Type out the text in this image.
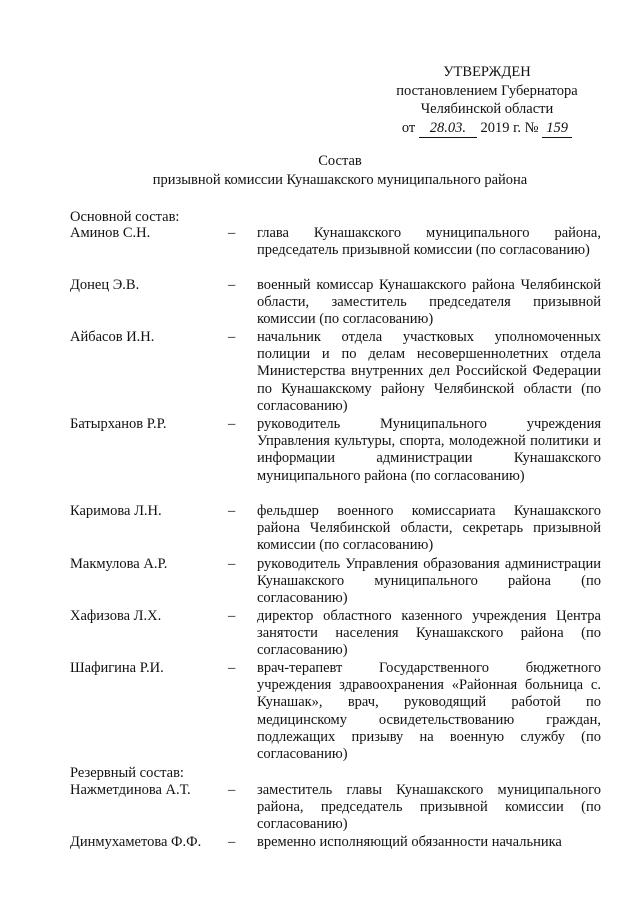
УТВЕРЖДЕН
постановлением Губернатора
Челябинской области
от 28.03. 2019 г. № 159
Состав
призывной комиссии Кунашакского муниципального района
Основной состав:
Аминов С.Н.	– глава Кунашакского муниципального района, председатель призывной комиссии (по согласованию)
Донец Э.В.	– военный комиссар Кунашакского района Челябинской области, заместитель председателя призывной комиссии (по согласованию)
Айбасов И.Н.	– начальник отдела участковых уполномоченных полиции и по делам несовершеннолетних отдела Министерства внутренних дел Российской Федерации по Кунашакскому району Челябинской области (по согласованию)
Батырханов Р.Р.	– руководитель Муниципального учреждения Управления культуры, спорта, молодежной политики и информации администрации Кунашакского муниципального района (по согласованию)
Каримова Л.Н.	– фельдшер военного комиссариата Кунашакского района Челябинской области, секретарь призывной комиссии (по согласованию)
Макмулова А.Р.	– руководитель Управления образования администрации Кунашакского муниципального района (по согласованию)
Хафизова Л.Х.	– директор областного казенного учреждения Центра занятости населения Кунашакского района (по согласованию)
Шафигина Р.И.	– врач-терапевт Государственного бюджетного учреждения здравоохранения «Районная больница с. Кунашак», врач, руководящий работой по медицинскому освидетельствованию граждан, подлежащих призыву на военную службу (по согласованию)
Резервный состав:
Нажметдинова А.Т.	– заместитель главы Кунашакского муниципального района, председатель призывной комиссии (по согласованию)
Динмухаметова Ф.Ф. – временно исполняющий обязанности начальника
